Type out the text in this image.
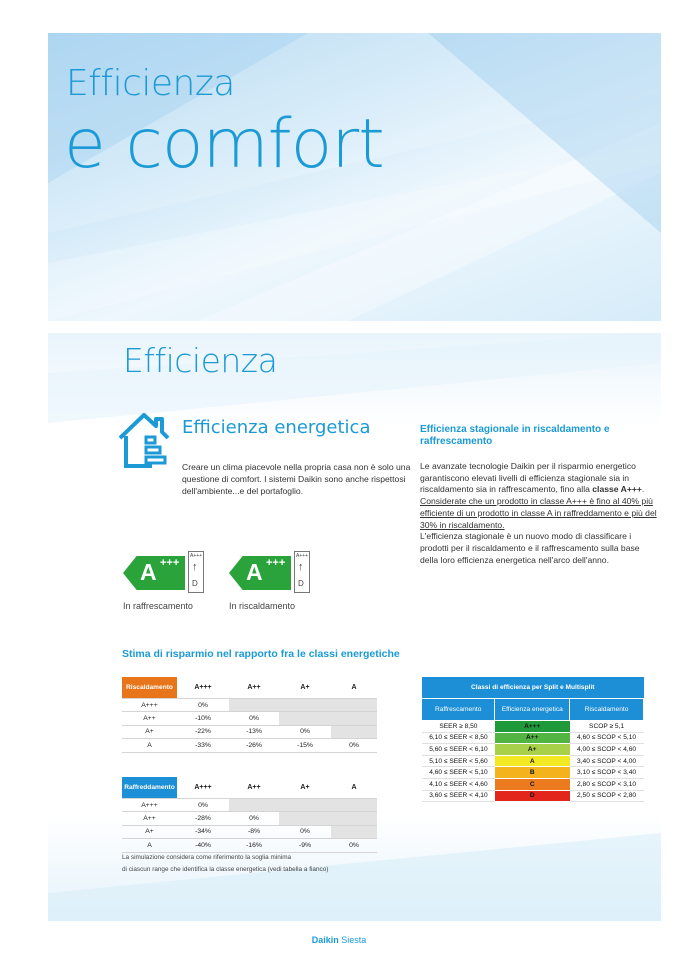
Efficienza
e comfort
Efficienza
Efficienza energetica
Creare un clima piacevole nella propria casa non è solo una questione di comfort. I sistemi Daikin sono anche rispettosi dell'ambiente...e del portafoglio.
Efficienza stagionale in riscaldamento e raffrescamento
Le avanzate tecnologie Daikin per il risparmio energetico garantiscono elevati livelli di efficienza stagionale sia in riscaldamento sia in raffrescamento, fino alla classe A+++. Considerate che un prodotto in classe A+++ è fino al 40% più efficiente di un prodotto in classe A in raffreddamento e più del 30% in riscaldamento.
L'efficienza stagionale è un nuovo modo di classificare i prodotti per il riscaldamento e il raffrescamento sulla base della loro efficienza energetica nell'arco dell'anno.
A +++
A+++
↑
D
In raffrescamento
A +++
A+++
↑
D
In riscaldamento
Stima di risparmio nel rapporto fra le classi energetiche
Riscaldamento	A+++	A++	A+	A
A+++	0%			
A++	-10%	0%		
A+	-22%	-13%	0%	
A	-33%	-26%	-15%	0%
Raffreddamento	A+++	A++	A+	A
A+++	0%			
A++	-28%	0%		
A+	-34%	-8%	0%	
A	-40%	-16%	-9%	0%
La simulazione considera come riferimento la soglia minima
di ciascun range che identifica la classe energetica (vedi tabella a fianco)
Classi di efficienza per Split e Multisplit		
Raffrescamento	Efficienza energetica	Riscaldamento
SEER ≥ 8,50	A+++	SCOP ≥ 5,1
6,10 ≤ SEER < 8,50	A++	4,60 ≤ SCOP < 5,10
5,60 ≤ SEER < 6,10	A+	4,00 ≤ SCOP < 4,60
5,10 ≤ SEER < 5,60	A	3,40 ≤ SCOP < 4,00
4,60 ≤ SEER < 5,10	B	3,10 ≤ SCOP < 3,40
4,10 ≤ SEER < 4,60	C	2,80 ≤ SCOP < 3,10
3,60 ≤ SEER < 4,10	D	2,50 ≤ SCOP < 2,80
Daikin Siesta
